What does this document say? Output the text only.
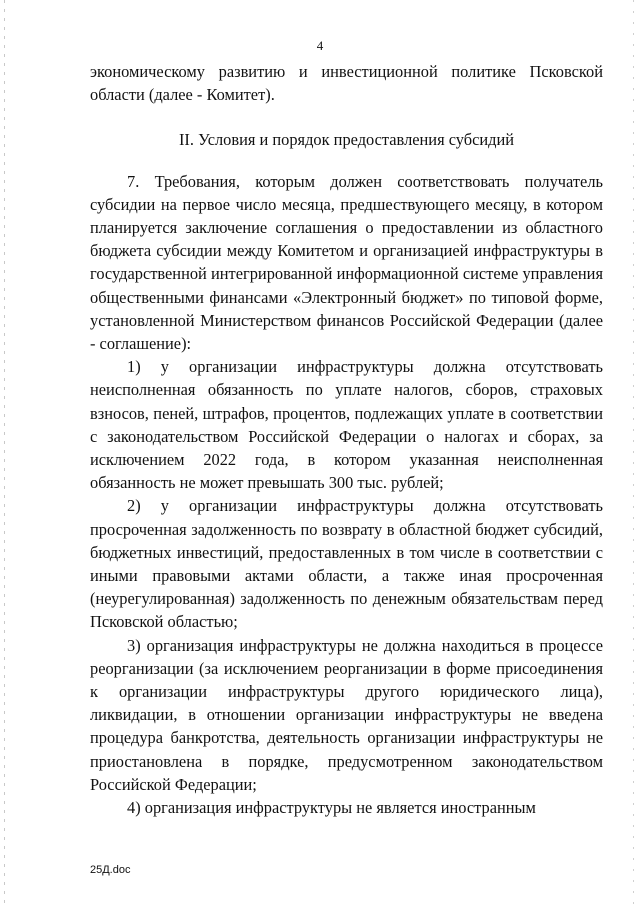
4

экономическому развитию и инвестиционной политике Псковской области (далее - Комитет).

II. Условия и порядок предоставления субсидий

7. Требования, которым должен соответствовать получатель субсидии на первое число месяца, предшествующего месяцу, в котором планируется заключение соглашения о предоставлении из областного бюджета субсидии между Комитетом и организацией инфраструктуры в государственной интегрированной информационной системе управления общественными финансами «Электронный бюджет» по типовой форме, установленной Министерством финансов Российской Федерации (далее - соглашение):

1) у организации инфраструктуры должна отсутствовать неисполненная обязанность по уплате налогов, сборов, страховых взносов, пеней, штрафов, процентов, подлежащих уплате в соответствии с законодательством Российской Федерации о налогах и сборах, за исключением 2022 года, в котором указанная неисполненная обязанность не может превышать 300 тыс. рублей;

2) у организации инфраструктуры должна отсутствовать просроченная задолженность по возврату в областной бюджет субсидий, бюджетных инвестиций, предоставленных в том числе в соответствии с иными правовыми актами области, а также иная просроченная (неурегулированная) задолженность по денежным обязательствам перед Псковской областью;

3) организация инфраструктуры не должна находиться в процессе реорганизации (за исключением реорганизации в форме присоединения к организации инфраструктуры другого юридического лица), ликвидации, в отношении организации инфраструктуры не введена процедура банкротства, деятельность организации инфраструктуры не приостановлена в порядке, предусмотренном законодательством Российской Федерации;

4) организация инфраструктуры не является иностранным

25Д.doc
